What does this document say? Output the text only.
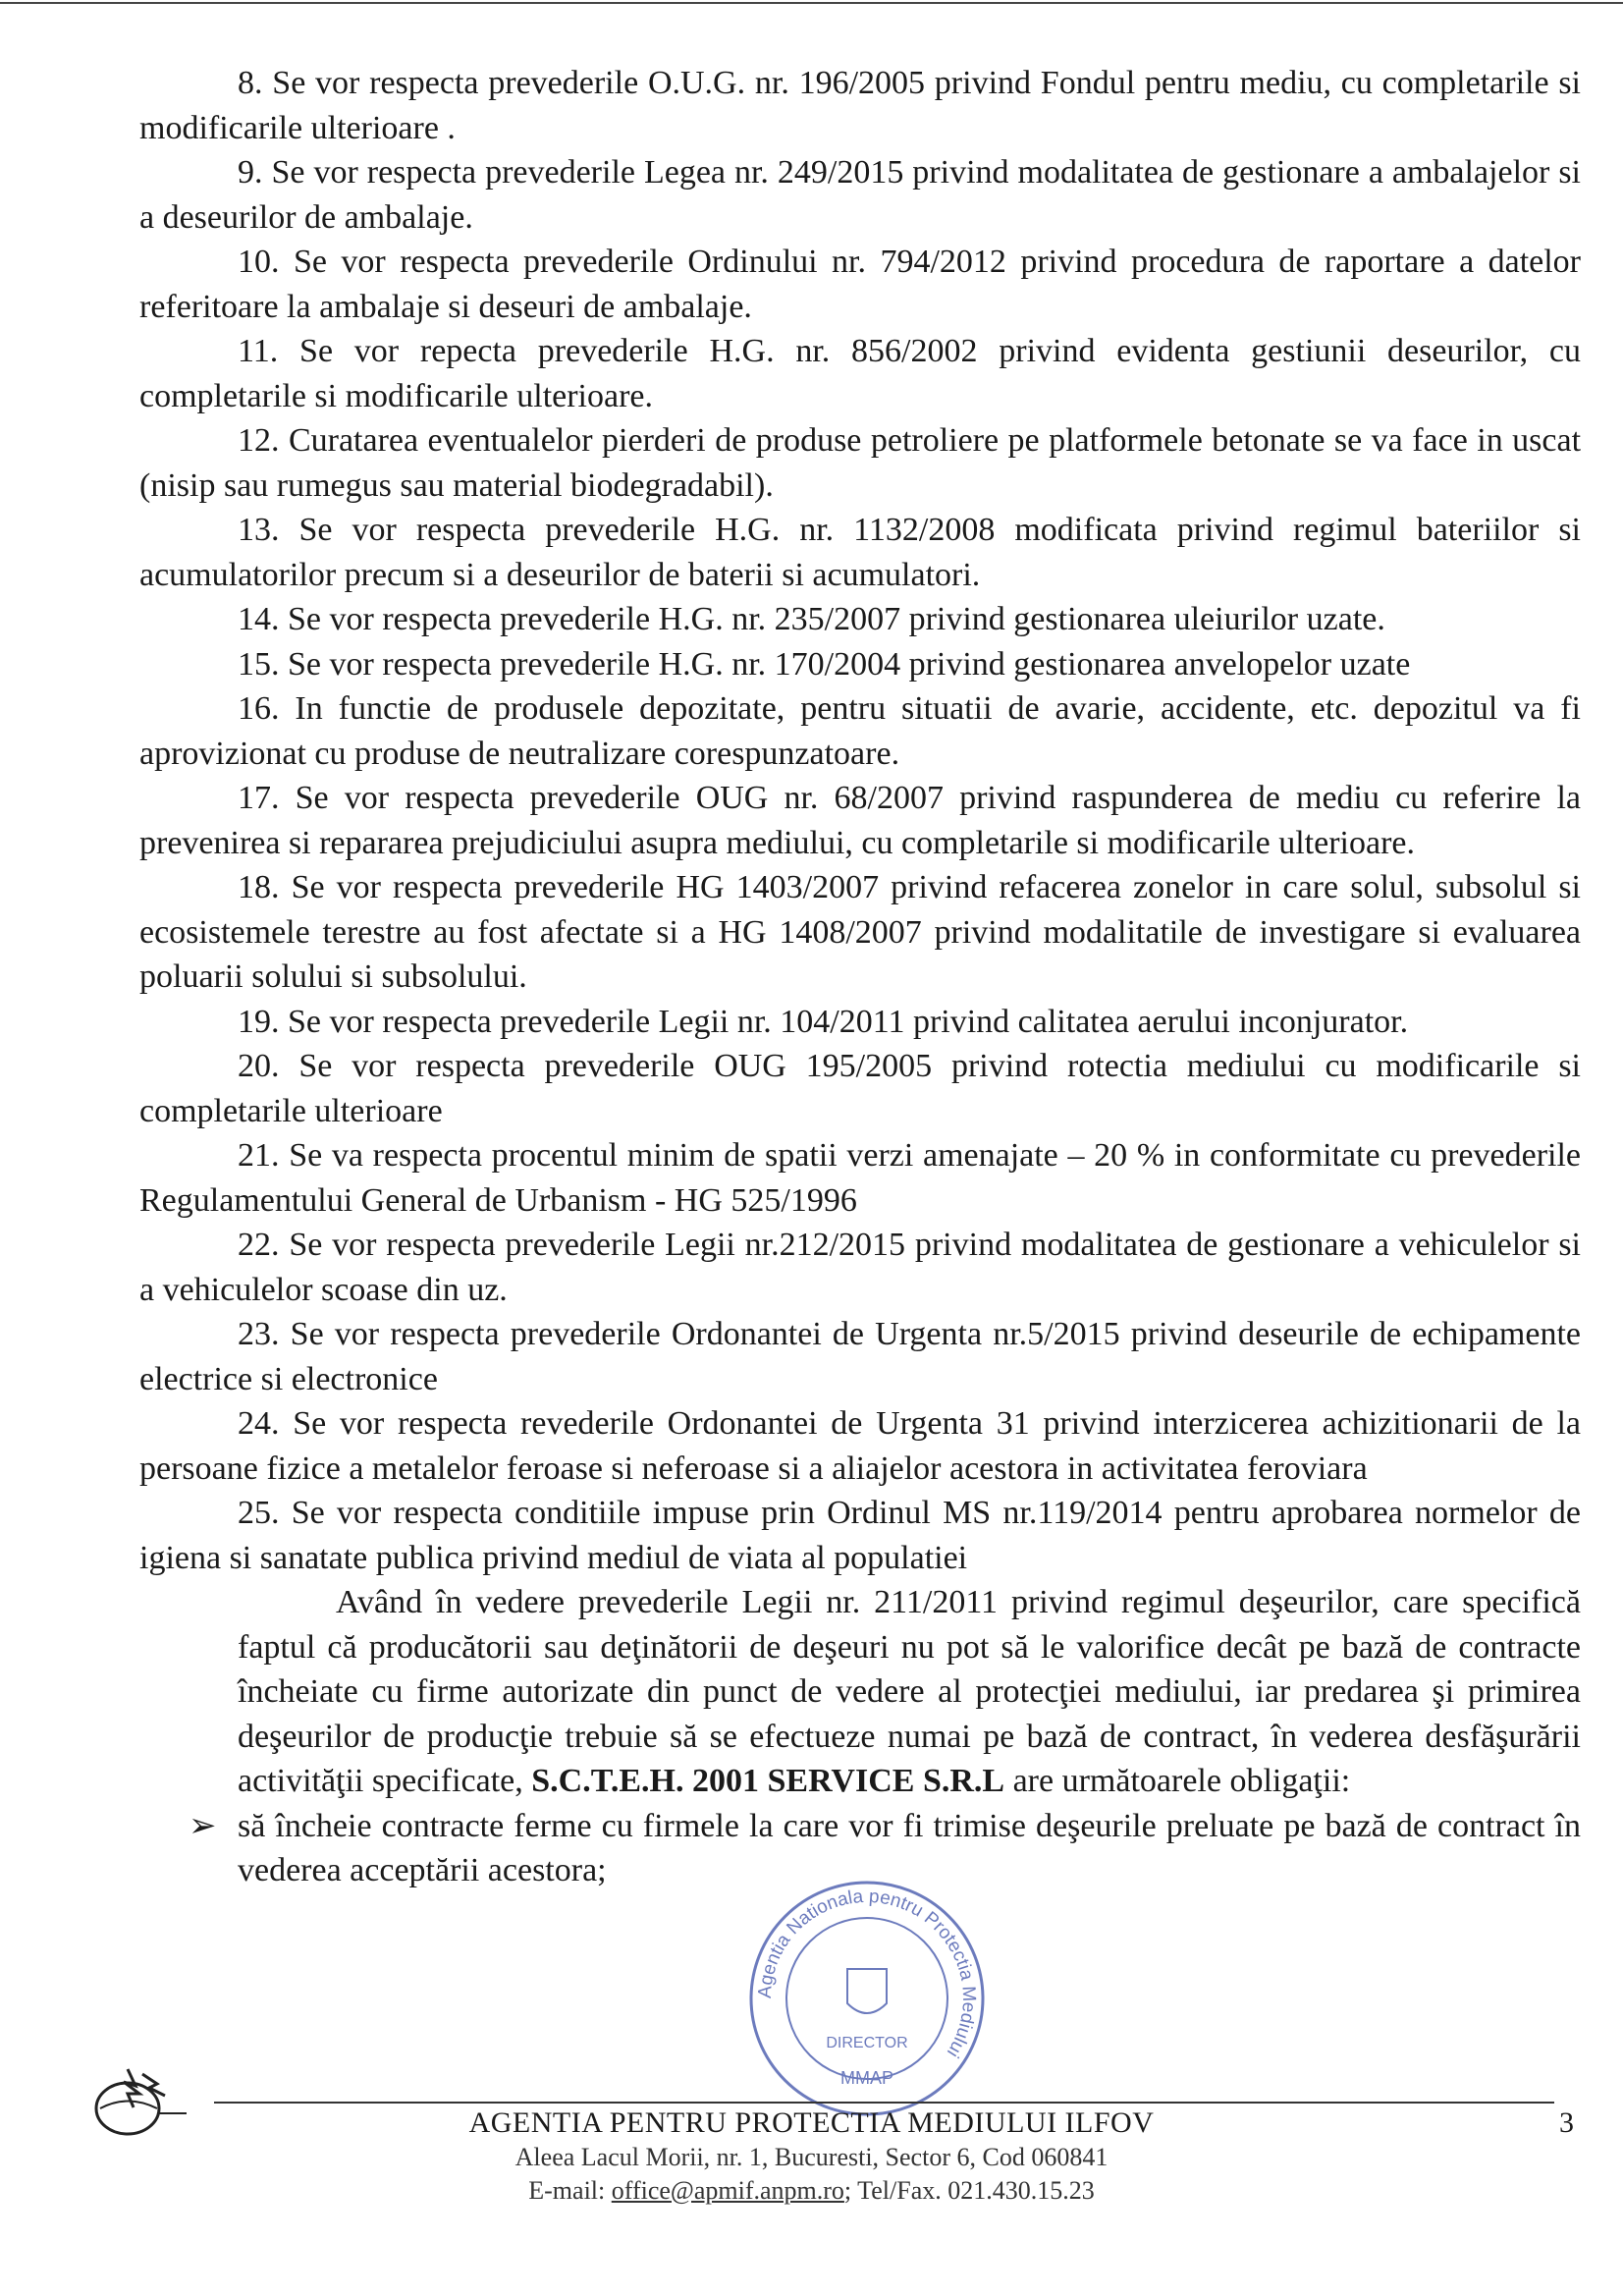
8. Se vor respecta prevederile O.U.G. nr. 196/2005 privind Fondul pentru mediu, cu completarile si modificarile ulterioare .

9. Se vor respecta prevederile Legea nr. 249/2015 privind modalitatea de gestionare a ambalajelor si a deseurilor de ambalaje.

10. Se vor respecta prevederile Ordinului nr. 794/2012 privind procedura de raportare a datelor referitoare la ambalaje si deseuri de ambalaje.

11. Se vor repecta prevederile H.G. nr. 856/2002 privind evidenta gestiunii deseurilor, cu completarile si modificarile ulterioare.

12. Curatarea eventualelor pierderi de produse petroliere pe platformele betonate se va face in uscat (nisip sau rumegus sau material biodegradabil).

13. Se vor respecta prevederile H.G. nr. 1132/2008 modificata privind regimul bateriilor si acumulatorilor precum si a deseurilor de baterii si acumulatori.

14. Se vor respecta prevederile H.G. nr. 235/2007 privind gestionarea uleiurilor uzate.

15. Se vor respecta prevederile H.G. nr. 170/2004 privind gestionarea anvelopelor uzate

16. In functie de produsele depozitate, pentru situatii de avarie, accidente, etc. depozitul va fi aprovizionat cu produse de neutralizare corespunzatoare.

17. Se vor respecta prevederile OUG nr. 68/2007 privind raspunderea de mediu cu referire la prevenirea si repararea prejudiciului asupra mediului, cu completarile si modificarile ulterioare.

18. Se vor respecta prevederile HG 1403/2007 privind refacerea zonelor in care solul, subsolul si ecosistemele terestre au fost afectate si a HG 1408/2007 privind modalitatile de investigare si evaluarea poluarii solului si subsolului.

19. Se vor respecta prevederile Legii nr. 104/2011 privind calitatea aerului inconjurator.

20. Se vor respecta prevederile OUG 195/2005 privind rotectia mediului cu modificarile si completarile ulterioare

21. Se va respecta procentul minim de spatii verzi amenajate – 20 % in conformitate cu prevederile Regulamentului General de Urbanism - HG 525/1996

22. Se vor respecta prevederile Legii nr.212/2015 privind modalitatea de gestionare a vehiculelor si a vehiculelor scoase din uz.

23. Se vor respecta prevederile Ordonantei de Urgenta nr.5/2015 privind deseurile de echipamente electrice si electronice

24. Se vor respecta revederile Ordonantei de Urgenta 31 privind interzicerea achizitionarii de la persoane fizice a metalelor feroase si neferoase si a aliajelor acestora in activitatea feroviara

25. Se vor respecta conditiile impuse prin Ordinul MS nr.119/2014 pentru aprobarea normelor de igiena si sanatate publica privind mediul de viata al populatiei

Având în vedere prevederile Legii nr. 211/2011 privind regimul deşeurilor, care specifică faptul că producătorii sau deţinătorii de deşeuri nu pot să le valorifice decât pe bază de contracte încheiate cu firme autorizate din punct de vedere al protecţiei mediului, iar predarea şi primirea deşeurilor de producţie trebuie să se efectueze numai pe bază de contract, în vederea desfăşurării activităţii specificate, S.C.T.E.H. 2001 SERVICE S.R.L are următoarele obligaţii:

➢ să încheie contracte ferme cu firmele la care vor fi trimise deşeurile preluate pe bază de contract în vederea acceptării acestora;

Agentia Nationala pentru Protectia Mediului
DIRECTOR
MMAP
AGENTIA PENTRU PROTECTIA MEDIULUI ILFOV
Aleea Lacul Morii, nr. 1, Bucuresti, Sector 6, Cod 060841
E-mail: office@apmif.anpm.ro; Tel/Fax. 021.430.15.23
3
